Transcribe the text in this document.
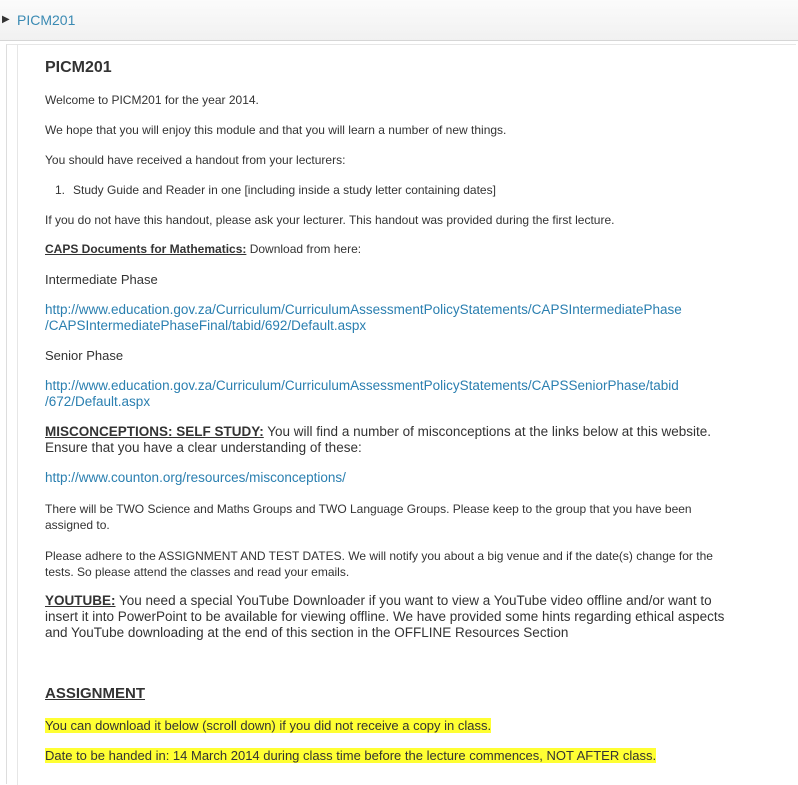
▶ PICM201
PICM201
Welcome to PICM201 for the year 2014.
We hope that you will enjoy this module and that you will learn a number of new things.
You should have received a handout from your lecturers:
1. Study Guide and Reader in one [including inside a study letter containing dates]
If you do not have this handout, please ask your lecturer. This handout was provided during the first lecture.
CAPS Documents for Mathematics: Download from here:
Intermediate Phase
http://www.education.gov.za/Curriculum/CurriculumAssessmentPolicyStatements/CAPSIntermediatePhase
/CAPSIntermediatePhaseFinal/tabid/692/Default.aspx
Senior Phase
http://www.education.gov.za/Curriculum/CurriculumAssessmentPolicyStatements/CAPSSeniorPhase/tabid
/672/Default.aspx
MISCONCEPTIONS: SELF STUDY: You will find a number of misconceptions at the links below at this website.
Ensure that you have a clear understanding of these:
http://www.counton.org/resources/misconceptions/
There will be TWO Science and Maths Groups and TWO Language Groups. Please keep to the group that you have been
assigned to.
Please adhere to the ASSIGNMENT AND TEST DATES. We will notify you about a big venue and if the date(s) change for the
tests. So please attend the classes and read your emails.
YOUTUBE: You need a special YouTube Downloader if you want to view a YouTube video offline and/or want to
insert it into PowerPoint to be available for viewing offline. We have provided some hints regarding ethical aspects
and YouTube downloading at the end of this section in the OFFLINE Resources Section
ASSIGNMENT
You can download it below (scroll down) if you did not receive a copy in class.
Date to be handed in: 14 March 2014 during class time before the lecture commences, NOT AFTER class.
